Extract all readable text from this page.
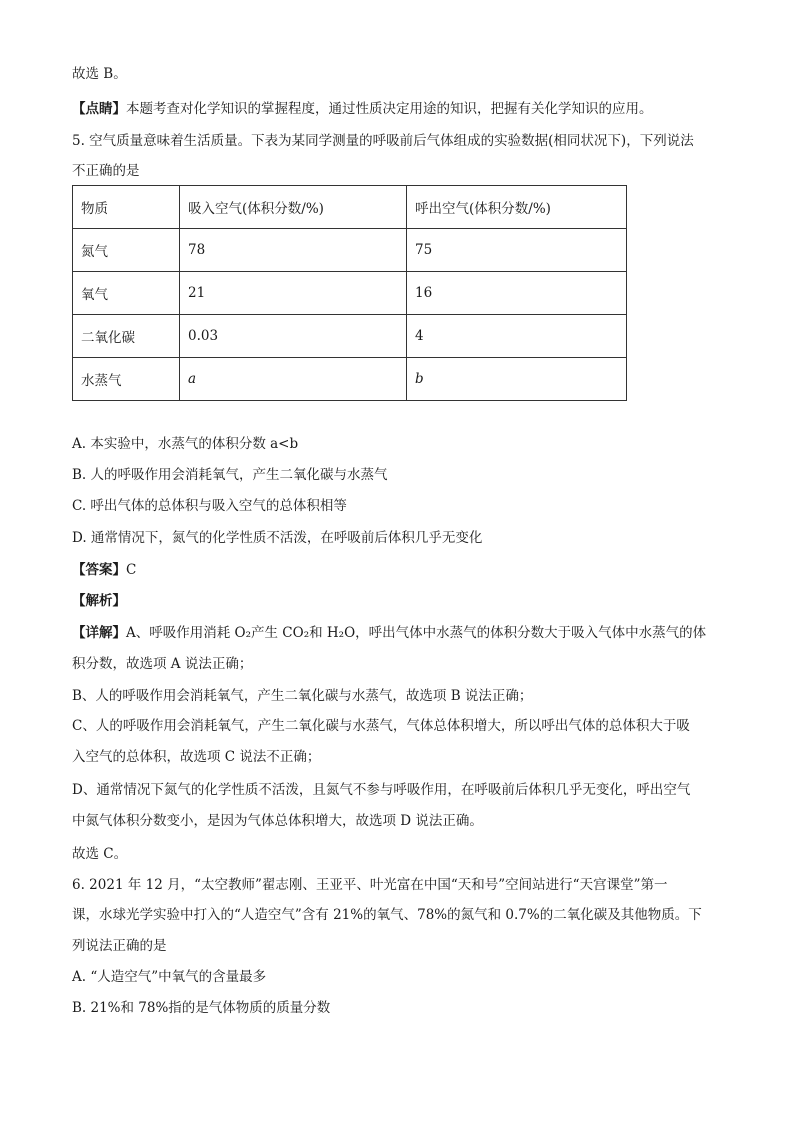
故选 B。
【点睛】本题考查对化学知识的掌握程度，通过性质决定用途的知识，把握有关化学知识的应用。
5. 空气质量意味着生活质量。下表为某同学测量的呼吸前后气体组成的实验数据(相同状况下)，下列说法
不正确的是
物质	吸入空气(体积分数/%)	呼出空气(体积分数/%)
氮气	78	75
氧气	21	16
二氧化碳	0.03	4
水蒸气	a	b
A. 本实验中，水蒸气的体积分数 a<b
B. 人的呼吸作用会消耗氧气，产生二氧化碳与水蒸气
C. 呼出气体的总体积与吸入空气的总体积相等
D. 通常情况下，氮气的化学性质不活泼，在呼吸前后体积几乎无变化
【答案】C
【解析】
【详解】A、呼吸作用消耗 O₂产生 CO₂和 H₂O，呼出气体中水蒸气的体积分数大于吸入气体中水蒸气的体
积分数，故选项 A 说法正确；
B、人的呼吸作用会消耗氧气，产生二氧化碳与水蒸气，故选项 B 说法正确；
C、人的呼吸作用会消耗氧气，产生二氧化碳与水蒸气，气体总体积增大，所以呼出气体的总体积大于吸
入空气的总体积，故选项 C 说法不正确；
D、通常情况下氮气的化学性质不活泼，且氮气不参与呼吸作用，在呼吸前后体积几乎无变化，呼出空气
中氮气体积分数变小，是因为气体总体积增大，故选项 D 说法正确。
故选 C。
6. 2021 年 12 月，“太空教师”翟志刚、王亚平、叶光富在中国“天和号”空间站进行“天宫课堂”第一
课，水球光学实验中打入的“人造空气”含有 21%的氧气、78%的氮气和 0.7%的二氧化碳及其他物质。下
列说法正确的是
A. “人造空气”中氧气的含量最多
B. 21%和 78%指的是气体物质的质量分数
